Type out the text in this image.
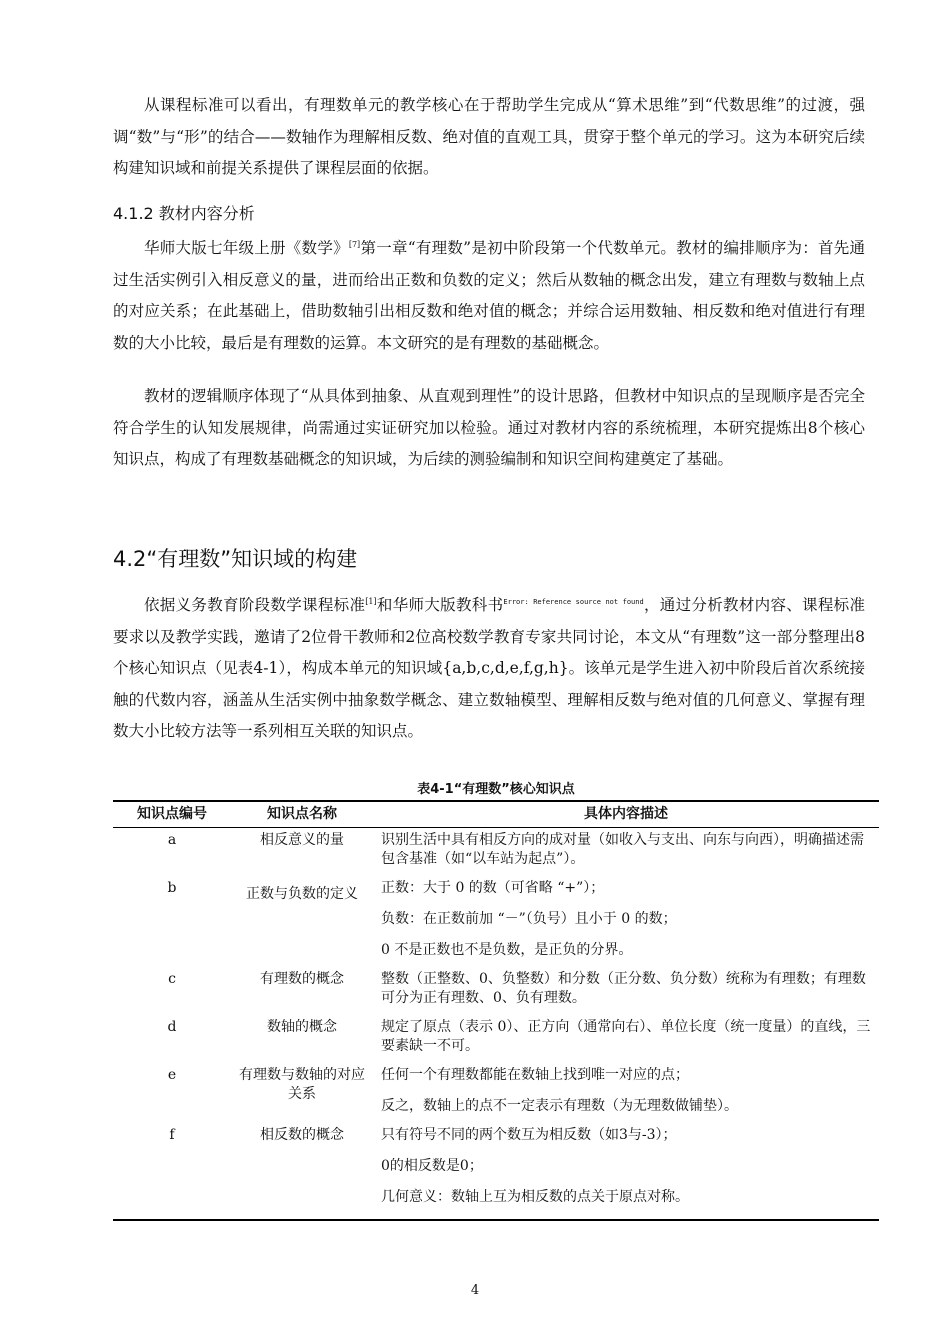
从课程标准可以看出，有理数单元的教学核心在于帮助学生完成从“算术思维”到“代数思维”的过渡，强调“数”与“形”的结合——数轴作为理解相反数、绝对值的直观工具，贯穿于整个单元的学习。这为本研究后续构建知识域和前提关系提供了课程层面的依据。

4.1.2 教材内容分析

华师大版七年级上册《数学》[7]第一章“有理数”是初中阶段第一个代数单元。教材的编排顺序为：首先通过生活实例引入相反意义的量，进而给出正数和负数的定义；然后从数轴的概念出发，建立有理数与数轴上点的对应关系；在此基础上，借助数轴引出相反数和绝对值的概念；并综合运用数轴、相反数和绝对值进行有理数的大小比较，最后是有理数的运算。本文研究的是有理数的基础概念。

教材的逻辑顺序体现了“从具体到抽象、从直观到理性”的设计思路，但教材中知识点的呈现顺序是否完全符合学生的认知发展规律，尚需通过实证研究加以检验。通过对教材内容的系统梳理，本研究提炼出8个核心知识点，构成了有理数基础概念的知识域，为后续的测验编制和知识空间构建奠定了基础。

4.2“有理数”知识域的构建

依据义务教育阶段数学课程标准[1]和华师大版教科书$^{Error: Reference source not found}$，通过分析教材内容、课程标准要求以及教学实践，邀请了2位骨干教师和2位高校数学教育专家共同讨论，本文从“有理数”这一部分整理出8个核心知识点（见表4-1），构成本单元的知识域{a,b,c,d,e,f,g,h}。该单元是学生进入初中阶段后首次系统接触的代数内容，涵盖从生活实例中抽象数学概念、建立数轴模型、理解相反数与绝对值的几何意义、掌握有理数大小比较方法等一系列相互关联的知识点。

表4-1“有理数”核心知识点

知识点编号	知识点名称	具体内容描述
a	相反意义的量	识别生活中具有相反方向的成对量（如收入与支出、向东与向西），明确描述需包含基准（如“以车站为起点”）。

b	正数与负数的定义	正数：大于 0 的数（可省略 “+”）；
负数：在正数前加 “－”（负号）且小于 0 的数；
0 不是正数也不是负数，是正负的分界。

c	有理数的概念	整数（正整数、0、负整数）和分数（正分数、负分数）统称为有理数；有理数可分为正有理数、0、负有理数。

d	数轴的概念	规定了原点（表示 0）、正方向（通常向右）、单位长度（统一度量）的直线，三要素缺一不可。

e	有理数与数轴的对应关系	任何一个有理数都能在数轴上找到唯一对应的点；
反之，数轴上的点不一定表示有理数（为无理数做铺垫）。

f	相反数的概念	只有符号不同的两个数互为相反数（如3与-3）；
0的相反数是0；
几何意义：数轴上互为相反数的点关于原点对称。

4
